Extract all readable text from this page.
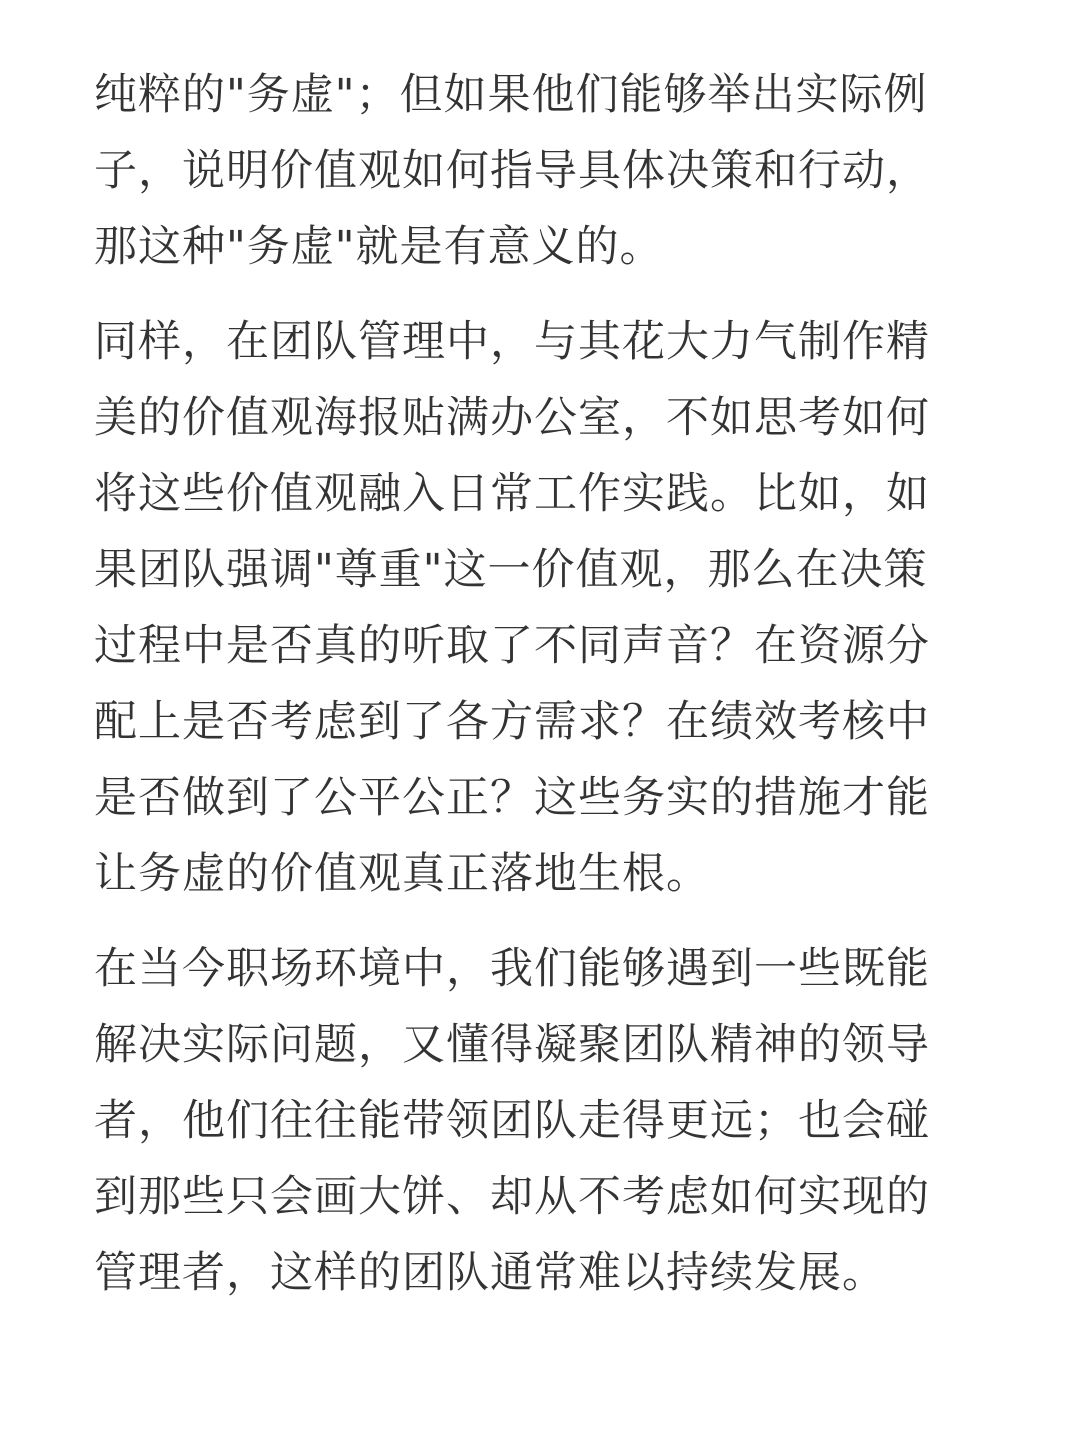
纯粹的"务虚"；但如果他们能够举出实际例
子，说明价值观如何指导具体决策和行动，
那这种"务虚"就是有意义的。
同样，在团队管理中，与其花大力气制作精
美的价值观海报贴满办公室，不如思考如何
将这些价值观融入日常工作实践。比如，如
果团队强调"尊重"这一价值观，那么在决策
过程中是否真的听取了不同声音？在资源分
配上是否考虑到了各方需求？在绩效考核中
是否做到了公平公正？这些务实的措施才能
让务虚的价值观真正落地生根。
在当今职场环境中，我们能够遇到一些既能
解决实际问题，又懂得凝聚团队精神的领导
者，他们往往能带领团队走得更远；也会碰
到那些只会画大饼、却从不考虑如何实现的
管理者，这样的团队通常难以持续发展。
